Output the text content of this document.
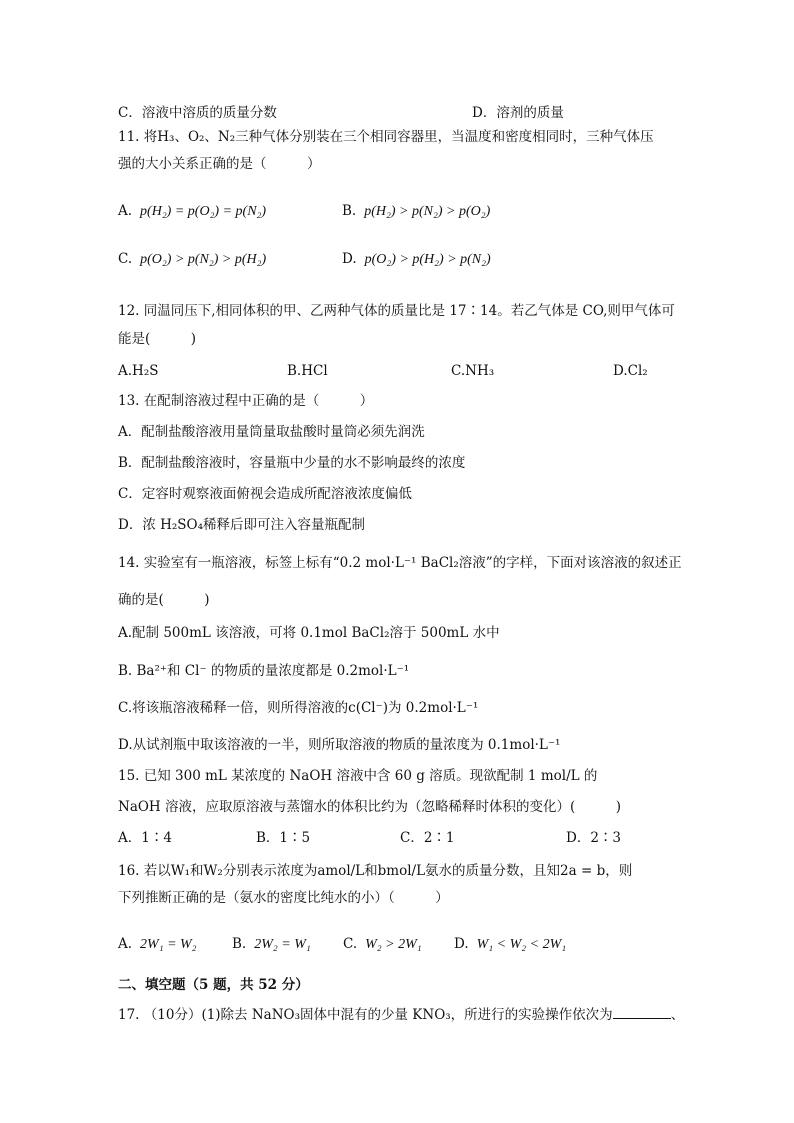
C．溶液中溶质的质量分数	D．溶剂的质量
11. 将H₃、O₂、N₂三种气体分别装在三个相同容器里，当温度和密度相同时，三种气体压
强的大小关系正确的是（　　　）
A. p(H₂) = p(O₂) = p(N₂)	B. p(H₂) > p(N₂) > p(O₂)
C. p(O₂) > p(N₂) > p(H₂)	D. p(O₂) > p(H₂) > p(N₂)
12. 同温同压下,相同体积的甲、乙两种气体的质量比是 17∶14。若乙气体是 CO,则甲气体可
能是(　　　)
A.H₂S	B.HCl	C.NH₃	D.Cl₂
13. 在配制溶液过程中正确的是（　　　）
A．配制盐酸溶液用量筒量取盐酸时量筒必须先润洗
B．配制盐酸溶液时，容量瓶中少量的水不影响最终的浓度
C．定容时观察液面俯视会造成所配溶液浓度偏低
D．浓 H₂SO₄稀释后即可注入容量瓶配制
14. 实验室有一瓶溶液，标签上标有“0.2 mol·L⁻¹ BaCl₂溶液”的字样，下面对该溶液的叙述正
确的是(　　　)
A.配制 500mL 该溶液，可将 0.1mol BaCl₂溶于 500mL 水中
B. Ba²⁺和 Cl⁻ 的物质的量浓度都是 0.2mol·L⁻¹
C.将该瓶溶液稀释一倍，则所得溶液的c(Cl⁻)为 0.2mol·L⁻¹
D.从试剂瓶中取该溶液的一半，则所取溶液的物质的量浓度为 0.1mol·L⁻¹
15. 已知 300 mL 某浓度的 NaOH 溶液中含 60 g 溶质。现欲配制 1 mol/L 的
NaOH 溶液，应取原溶液与蒸馏水的体积比约为（忽略稀释时体积的变化）(　　　)
A．1∶4	B．1∶5	C．2∶1	D．2∶3
16. 若以W₁和W₂分别表示浓度为amol/L和bmol/L氨水的质量分数，且知2a = b，则
下列推断正确的是（氨水的密度比纯水的小）（　　　）
A. 2W₁ = W₂	B. 2W₂ = W₁ C. W₂ > 2W₁ D. W₁ < W₂ < 2W₁
二、填空题（5 题，共 52 分）
17. （10分）(1)除去 NaNO₃固体中混有的少量 KNO₃，所进行的实验操作依次为	、
